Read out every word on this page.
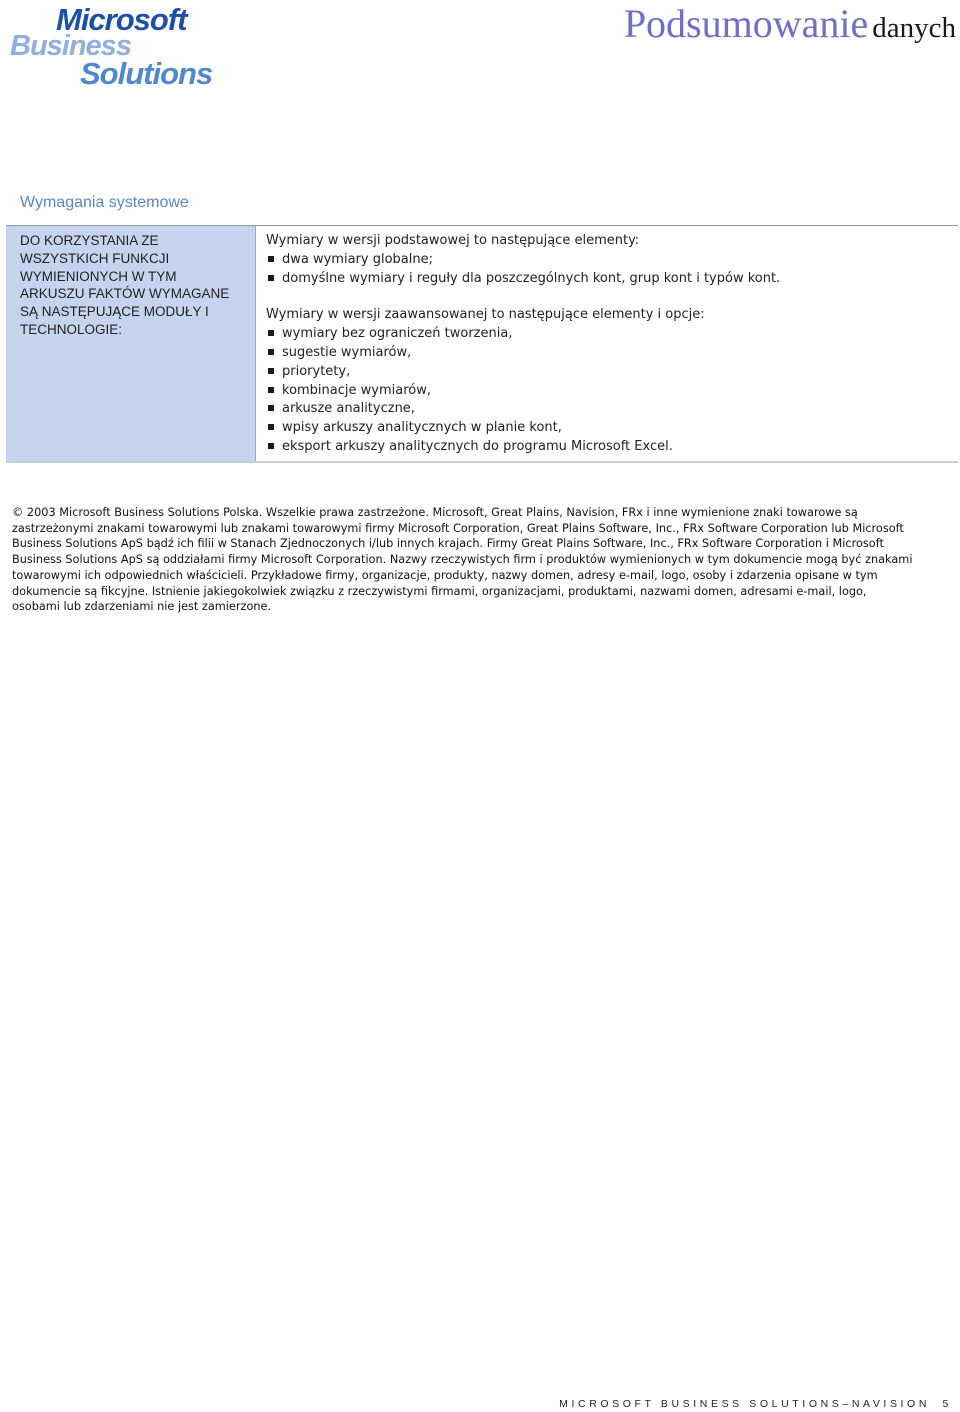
Microsoft
Business
Solutions
Podsumowanie danych
Wymagania systemowe
DO KORZYSTANIA ZE
WSZYSTKICH FUNKCJI
WYMIENIONYCH W TYM
ARKUSZU FAKTÓW WYMAGANE
SĄ NASTĘPUJĄCE MODUŁY I
TECHNOLOGIE:
Wymiary w wersji podstawowej to następujące elementy:
dwa wymiary globalne;
domyślne wymiary i reguły dla poszczególnych kont, grup kont i typów kont.
Wymiary w wersji zaawansowanej to następujące elementy i opcje:
wymiary bez ograniczeń tworzenia,
sugestie wymiarów,
priorytety,
kombinacje wymiarów,
arkusze analityczne,
wpisy arkuszy analitycznych w planie kont,
eksport arkuszy analitycznych do programu Microsoft Excel.
© 2003 Microsoft Business Solutions Polska. Wszelkie prawa zastrzeżone. Microsoft, Great Plains, Navision, FRx i inne wymienione znaki towarowe są
zastrzeżonymi znakami towarowymi lub znakami towarowymi firmy Microsoft Corporation, Great Plains Software, Inc., FRx Software Corporation lub Microsoft
Business Solutions ApS bądź ich filii w Stanach Zjednoczonych i/lub innych krajach. Firmy Great Plains Software, Inc., FRx Software Corporation i Microsoft
Business Solutions ApS są oddziałami firmy Microsoft Corporation. Nazwy rzeczywistych firm i produktów wymienionych w tym dokumencie mogą być znakami
towarowymi ich odpowiednich właścicieli. Przykładowe firmy, organizacje, produkty, nazwy domen, adresy e-mail, logo, osoby i zdarzenia opisane w tym
dokumencie są fikcyjne. Istnienie jakiegokolwiek związku z rzeczywistymi firmami, organizacjami, produktami, nazwami domen, adresami e-mail, logo,
osobami lub zdarzeniami nie jest zamierzone.
MICROSOFT BUSINESS SOLUTIONS–NAVISION 5
